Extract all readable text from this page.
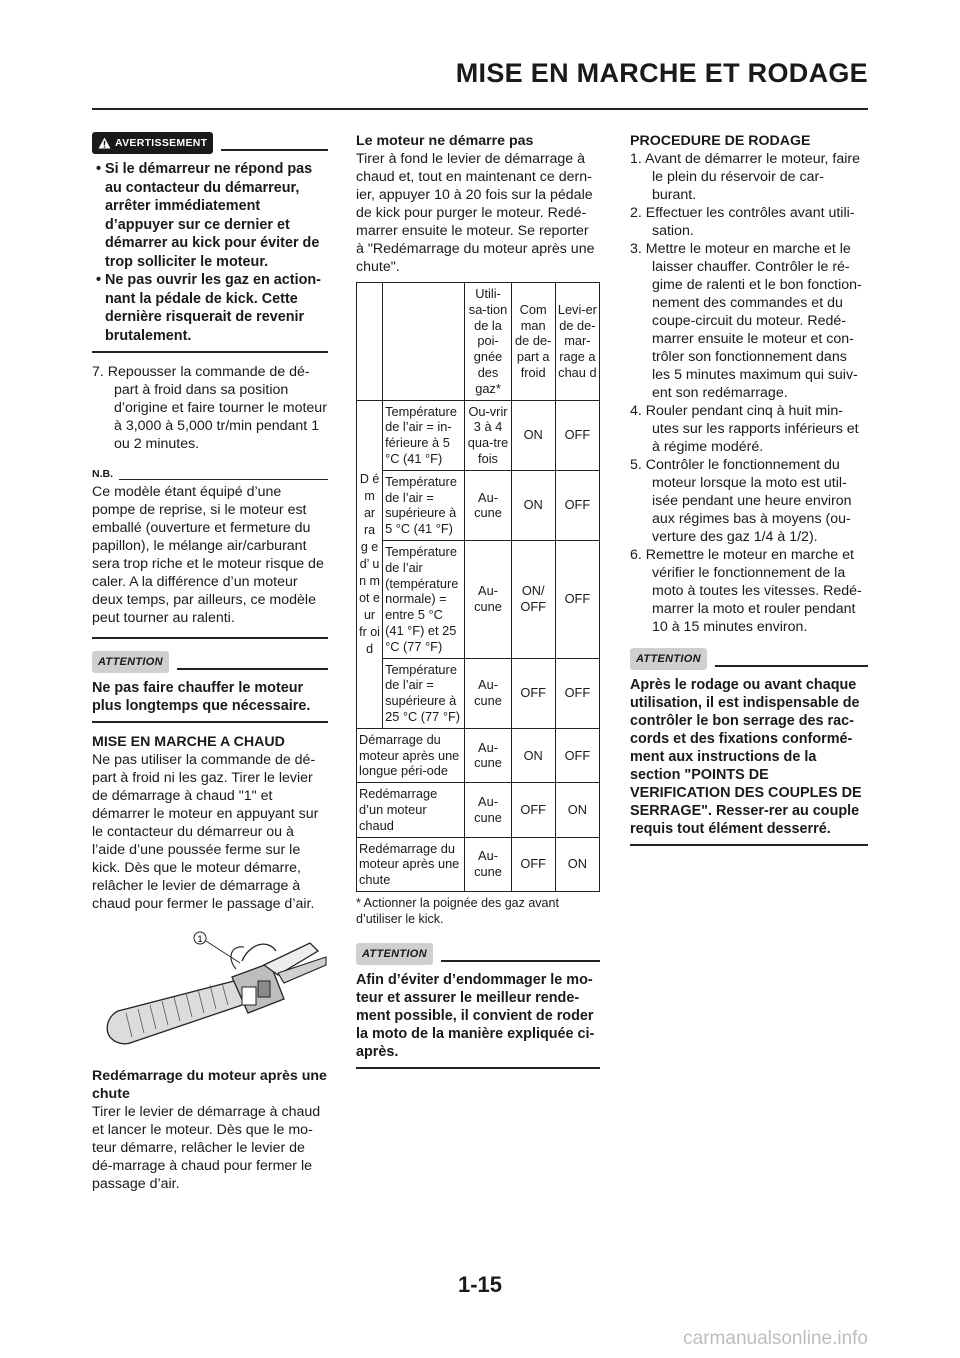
MISE EN MARCHE ET RODAGE
AVERTISSEMENT
• Si le démarreur ne répond pas au contacteur du démarreur, arrêter immédiatement d’appuyer sur ce dernier et démarrer au kick pour éviter de trop solliciter le moteur.
• Ne pas ouvrir les gaz en action-nant la pédale de kick. Cette dernière risquerait de revenir brutalement.
7. Repousser la commande de dé-part à froid dans sa position d’origine et faire tourner le moteur à 3,000 à 5,000 tr/min pendant 1 ou 2 minutes.
N.B.

Ce modèle étant équipé d’une pompe de reprise, si le moteur est emballé (ouverture et fermeture du papillon), le mélange air/carburant sera trop riche et le moteur risque de caler. A la différence d’un moteur deux temps, par ailleurs, ce modèle peut tourner au ralenti.

ATTENTION

Ne pas faire chauffer le moteur plus longtemps que nécessaire.

MISE EN MARCHE A CHAUD

Ne pas utiliser la commande de dé-part à froid ni les gaz. Tirer le levier de démarrage à chaud "1" et démarrer le moteur en appuyant sur le contacteur du démarreur ou à l’aide d’une poussée ferme sur le kick. Dès que le moteur démarre, relâcher le levier de démarrage à chaud pour fermer le passage d’air.

1

Redémarrage du moteur après une chute

Tirer le levier de démarrage à chaud et lancer le moteur. Dès que le mo-teur démarre, relâcher le levier de dé-marrage à chaud pour fermer le passage d’air.

Le moteur ne démarre pas

Tirer à fond le levier de démarrage à chaud et, tout en maintenant ce dern-ier, appuyer 10 à 20 fois sur la pédale de kick pour purger le moteur. Redé-marrer ensuite le moteur. Se reporter à "Redémarrage du moteur après une chute".

		Utili-sa-tion de la poi-gnée des gaz*	Com man de de-part a froid	Levi-er de de-mar-rage a chau d
D é m ar ra g e d’ u n m ot e ur fr oi d	Température de l’air = in-férieure à 5 °C (41 °F)	Ou-vrir 3 à 4 qua-tre fois	ON	OFF
	Température de l’air = supérieure à 5 °C (41 °F)	Au-cune	ON	OFF
	Température de l’air (température normale) = entre 5 °C (41 °F) et 25 °C (77 °F)	Au-cune	ON/ OFF	OFF
	Température de l’air = supérieure à 25 °C (77 °F)	Au-cune	OFF	OFF
Démarrage du moteur après une longue péri-ode		Au-cune	ON	OFF
Redémarrage d’un moteur chaud		Au-cune	OFF	ON
Redémarrage du moteur après une chute		Au-cune	OFF	ON

* Actionner la poignée des gaz avant d’utiliser le kick.

ATTENTION

Afin d’éviter d’endommager le mo-teur et assurer le meilleur rende-ment possible, il convient de roder la moto de la manière expliquée ci-après.

PROCEDURE DE RODAGE

1. Avant de démarrer le moteur, faire le plein du réservoir de car-burant.
2. Effectuer les contrôles avant utili-sation.
3. Mettre le moteur en marche et le laisser chauffer. Contrôler le ré-gime de ralenti et le bon fonction-nement des commandes et du coupe-circuit du moteur. Redé-marrer ensuite le moteur et con-trôler son fonctionnement dans les 5 minutes maximum qui suiv-ent son redémarrage.
4. Rouler pendant cinq à huit min-utes sur les rapports inférieurs et à régime modéré.
5. Contrôler le fonctionnement du moteur lorsque la moto est util-isée pendant une heure environ aux régimes bas à moyens (ou-verture des gaz 1/4 à 1/2).
6. Remettre le moteur en marche et vérifier le fonctionnement de la moto à toutes les vitesses. Redé-marrer la moto et rouler pendant 10 à 15 minutes environ.
ATTENTION

Après le rodage ou avant chaque utilisation, il est indispensable de contrôler le bon serrage des rac-cords et des fixations conformé-ment aux instructions de la section "POINTS DE VERIFICATION DES COUPLES DE SERRAGE". Resser-rer au couple requis tout élément desserré.

1-15
carmanualsonline.info
